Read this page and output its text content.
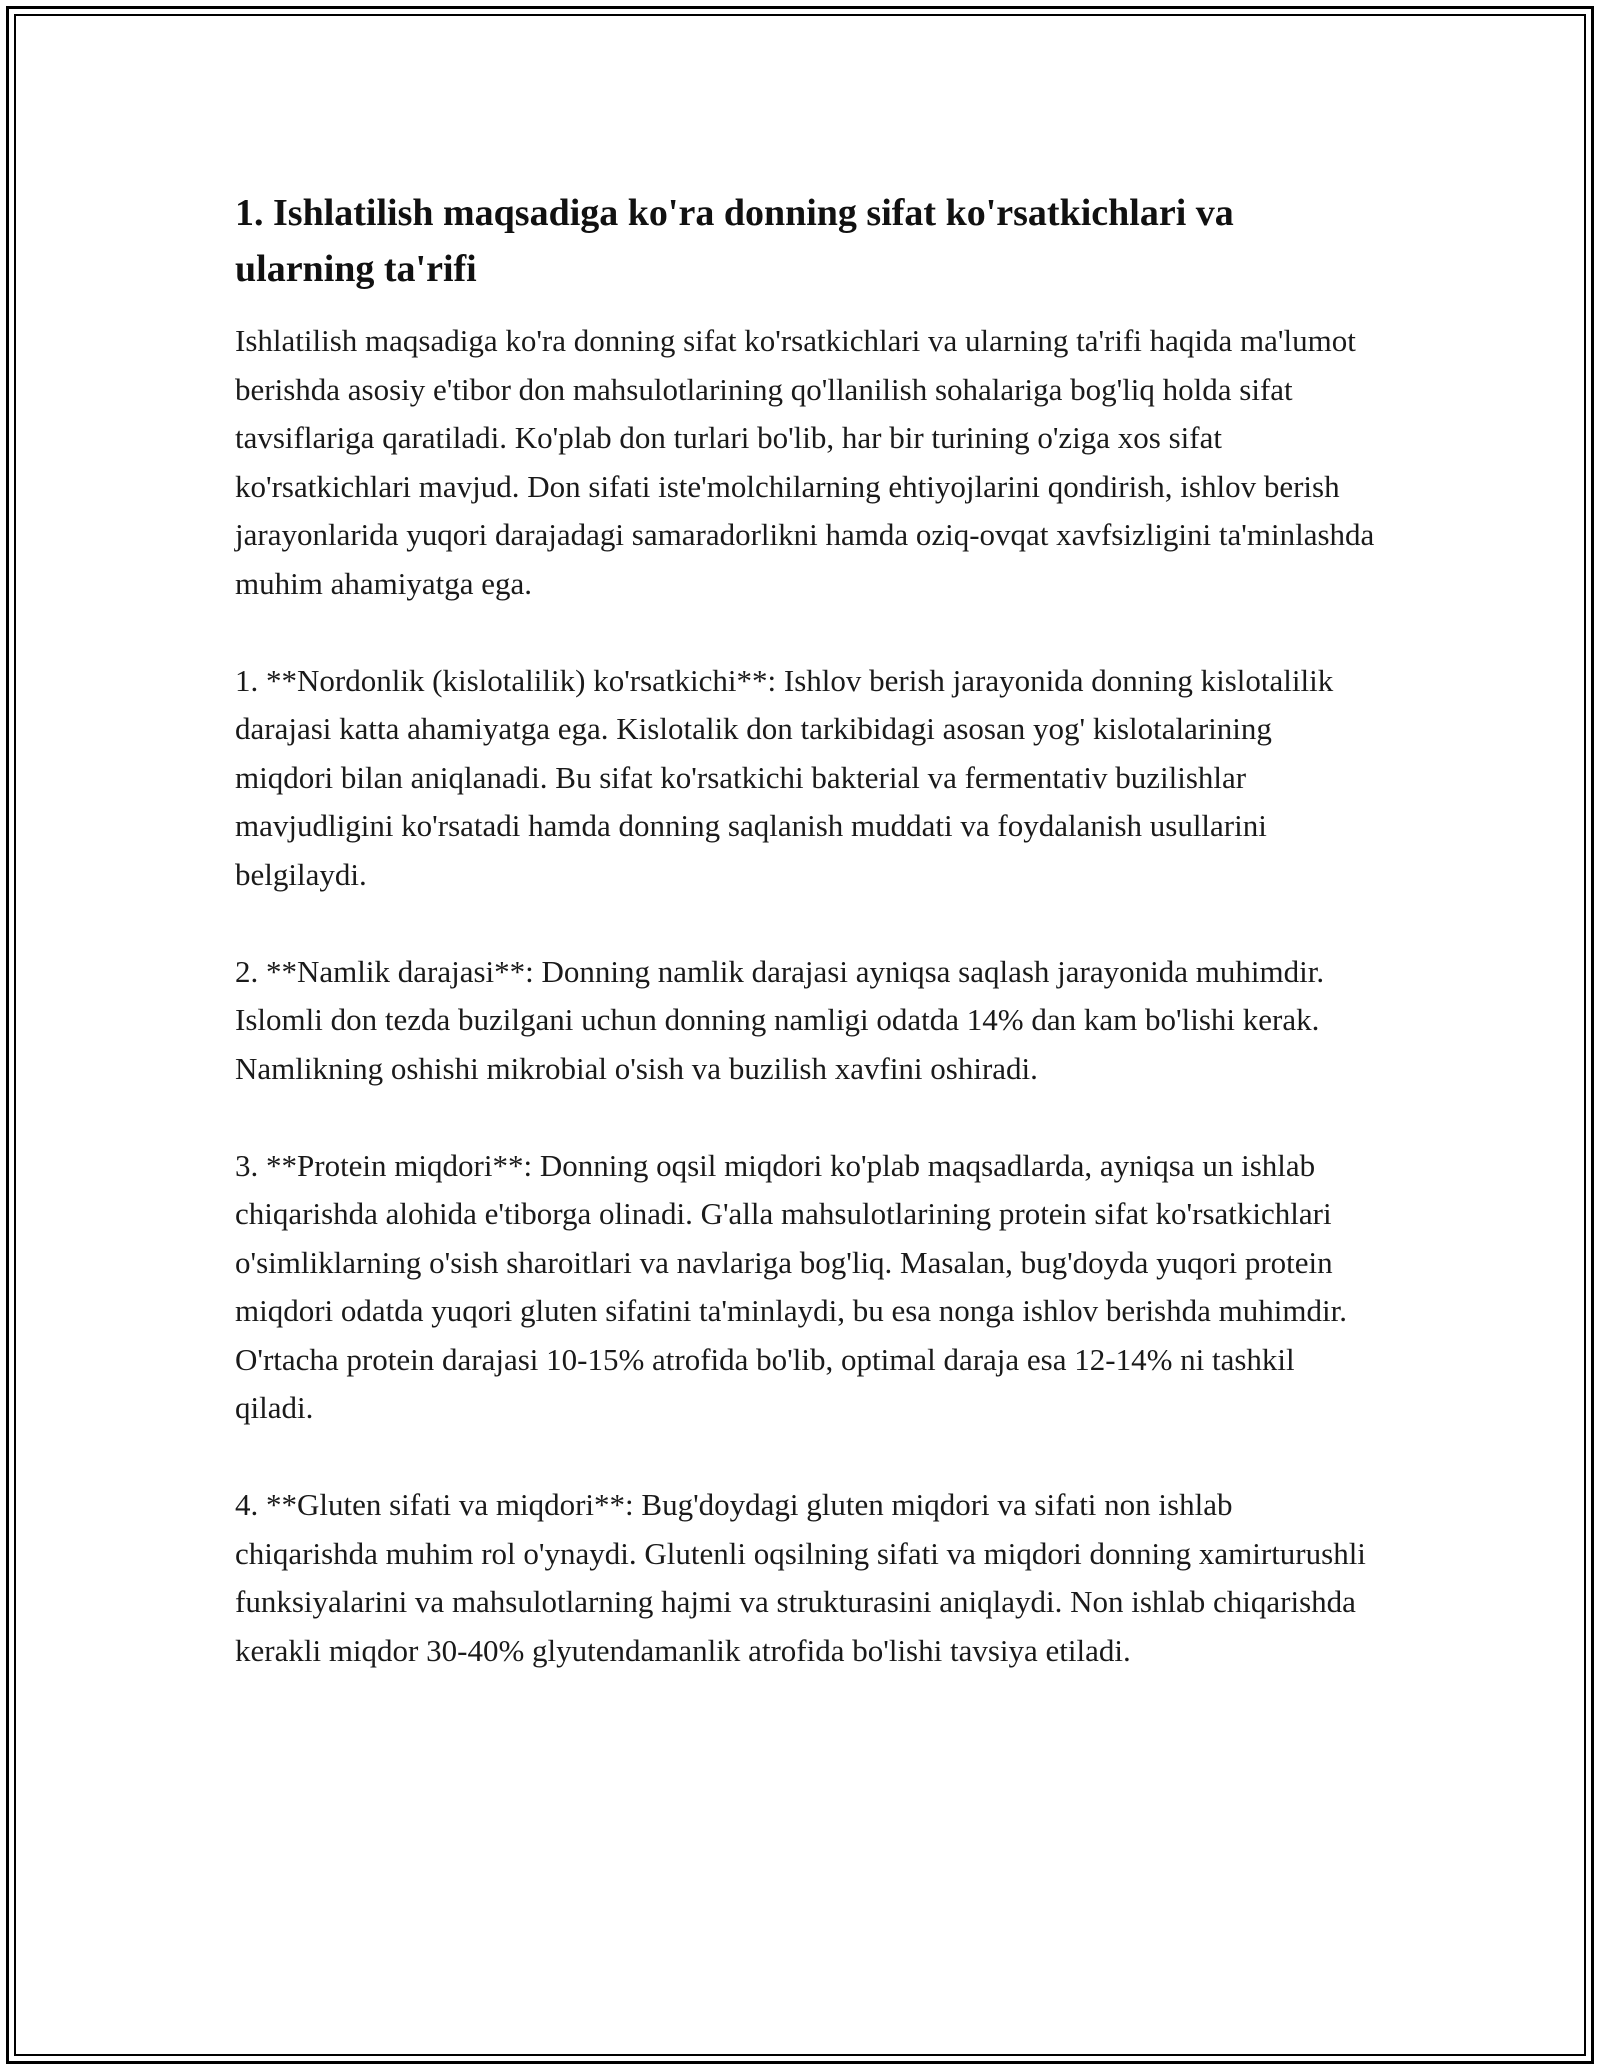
1. Ishlatilish maqsadiga ko'ra donning sifat ko'rsatkichlari va ularning ta'rifi

Ishlatilish maqsadiga ko'ra donning sifat ko'rsatkichlari va ularning ta'rifi haqida ma'lumot berishda asosiy e'tibor don mahsulotlarining qo'llanilish sohalariga bog'liq holda sifat tavsiflariga qaratiladi. Ko'plab don turlari bo'lib, har bir turining o'ziga xos sifat ko'rsatkichlari mavjud. Don sifati iste'molchilarning ehtiyojlarini qondirish, ishlov berish jarayonlarida yuqori darajadagi samaradorlikni hamda oziq-ovqat xavfsizligini ta'minlashda muhim ahamiyatga ega.

1. **Nordonlik (kislotalilik) ko'rsatkichi**: Ishlov berish jarayonida donning kislotalilik darajasi katta ahamiyatga ega. Kislotalik don tarkibidagi asosan yog' kislotalarining miqdori bilan aniqlanadi. Bu sifat ko'rsatkichi bakterial va fermentativ buzilishlar mavjudligini ko'rsatadi hamda donning saqlanish muddati va foydalanish usullarini belgilaydi.

2. **Namlik darajasi**: Donning namlik darajasi ayniqsa saqlash jarayonida muhimdir. Islomli don tezda buzilgani uchun donning namligi odatda 14% dan kam bo'lishi kerak. Namlikning oshishi mikrobial o'sish va buzilish xavfini oshiradi.

3. **Protein miqdori**: Donning oqsil miqdori ko'plab maqsadlarda, ayniqsa un ishlab chiqarishda alohida e'tiborga olinadi. G'alla mahsulotlarining protein sifat ko'rsatkichlari o'simliklarning o'sish sharoitlari va navlariga bog'liq. Masalan, bug'doyda yuqori protein miqdori odatda yuqori gluten sifatini ta'minlaydi, bu esa nonga ishlov berishda muhimdir. O'rtacha protein darajasi 10-15% atrofida bo'lib, optimal daraja esa 12-14% ni tashkil qiladi.

4. **Gluten sifati va miqdori**: Bug'doydagi gluten miqdori va sifati non ishlab chiqarishda muhim rol o'ynaydi. Glutenli oqsilning sifati va miqdori donning xamirturushli funksiyalarini va mahsulotlarning hajmi va strukturasini aniqlaydi. Non ishlab chiqarishda kerakli miqdor 30-40% glyutendamanlik atrofida bo'lishi tavsiya etiladi.
